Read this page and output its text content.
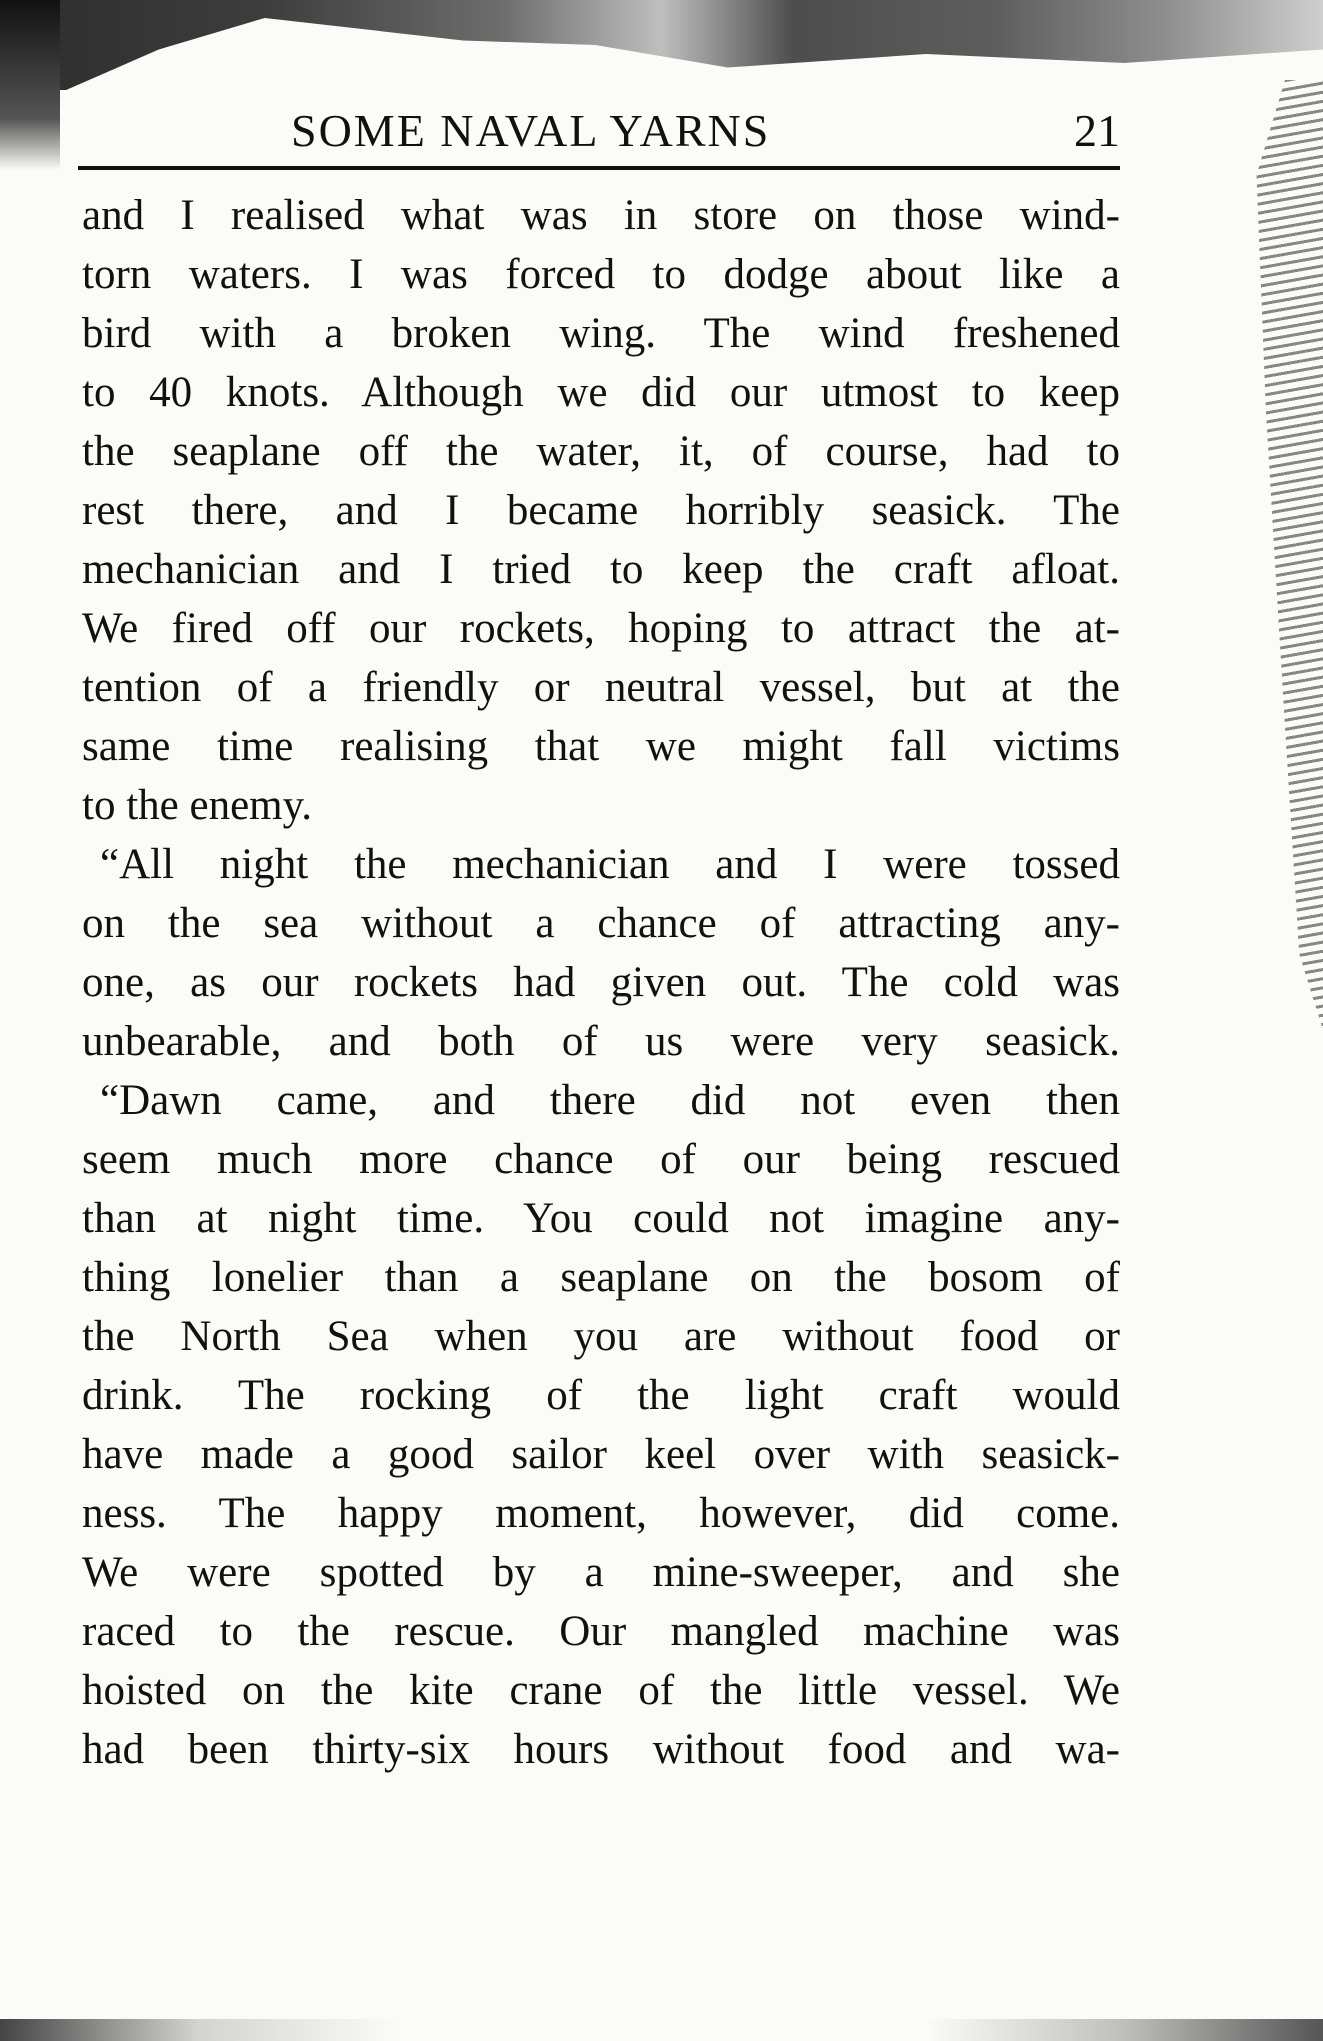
SOME NAVAL YARNS	21
and I realised what was in store on those wind-
torn waters. I was forced to dodge about like a
bird with a broken wing. The wind freshened
to 40 knots. Although we did our utmost to keep
the seaplane off the water, it, of course, had to
rest there, and I became horribly seasick. The
mechanician and I tried to keep the craft afloat.
We fired off our rockets, hoping to attract the at-
tention of a friendly or neutral vessel, but at the
same time realising that we might fall victims
to the enemy.
“All night the mechanician and I were tossed
on the sea without a chance of attracting any-
one, as our rockets had given out. The cold was
unbearable, and both of us were very seasick.
“Dawn came, and there did not even then
seem much more chance of our being rescued
than at night time. You could not imagine any-
thing lonelier than a seaplane on the bosom of
the North Sea when you are without food or
drink. The rocking of the light craft would
have made a good sailor keel over with seasick-
ness. The happy moment, however, did come.
We were spotted by a mine-sweeper, and she
raced to the rescue. Our mangled machine was
hoisted on the kite crane of the little vessel. We
had been thirty-six hours without food and wa-
